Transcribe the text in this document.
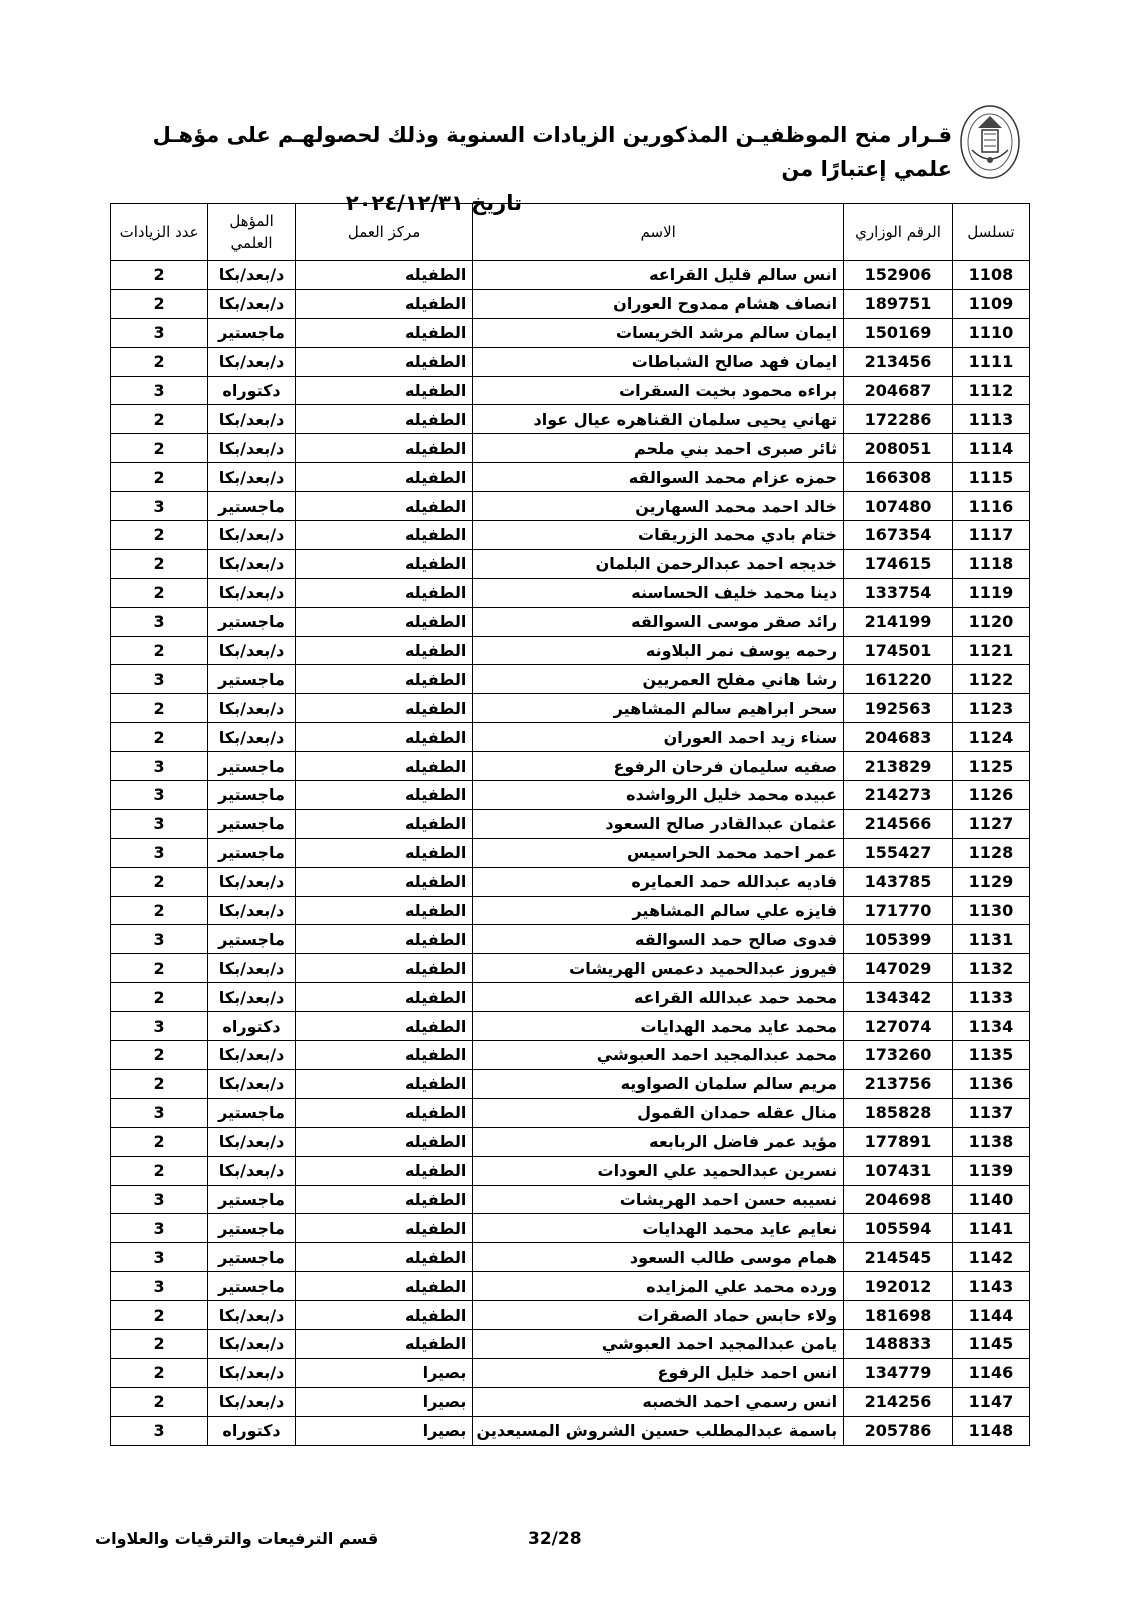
قـرار منح الموظفيـن المذكورين الزيادات السنوية وذلك لحصولهـم على مؤهـل علمي إعتبارًا من
تاريخ ٢٠٢٤/١٢/٣١
تسلسل	الرقم الوزاري	الاسم	مركز العمل	المؤهل العلمي	عدد الزيادات
1108	152906	انس سالم قليل القراعه	الطفيله	د/بعد/بكا	2
1109	189751	انصاف هشام ممدوح العوران	الطفيله	د/بعد/بكا	2
1110	150169	ايمان سالم مرشد الخريسات	الطفيله	ماجستير	3
1111	213456	ايمان فهد صالح الشباطات	الطفيله	د/بعد/بكا	2
1112	204687	براءه محمود بخيت السقرات	الطفيله	دكتوراه	3
1113	172286	تهاني يحيى سلمان القناهره عيال عواد	الطفيله	د/بعد/بكا	2
1114	208051	ثائر صبرى احمد بني ملحم	الطفيله	د/بعد/بكا	2
1115	166308	حمزه عزام محمد السوالقه	الطفيله	د/بعد/بكا	2
1116	107480	خالد احمد محمد السهارين	الطفيله	ماجستير	3
1117	167354	ختام بادي محمد الزريقات	الطفيله	د/بعد/بكا	2
1118	174615	خديجه احمد عبدالرحمن البلمان	الطفيله	د/بعد/بكا	2
1119	133754	دينا محمد خليف الحساسنه	الطفيله	د/بعد/بكا	2
1120	214199	رائد صقر موسى السوالقه	الطفيله	ماجستير	3
1121	174501	رحمه يوسف نمر البلاونه	الطفيله	د/بعد/بكا	2
1122	161220	رشا هاني مفلح العمريين	الطفيله	ماجستير	3
1123	192563	سحر ابراهيم سالم المشاهير	الطفيله	د/بعد/بكا	2
1124	204683	سناء زيد احمد العوران	الطفيله	د/بعد/بكا	2
1125	213829	صفيه سليمان فرحان الرفوع	الطفيله	ماجستير	3
1126	214273	عبيده محمد خليل الرواشده	الطفيله	ماجستير	3
1127	214566	عثمان عبدالقادر صالح السعود	الطفيله	ماجستير	3
1128	155427	عمر احمد محمد الحراسيس	الطفيله	ماجستير	3
1129	143785	فاديه عبدالله حمد العمايره	الطفيله	د/بعد/بكا	2
1130	171770	فايزه علي سالم المشاهير	الطفيله	د/بعد/بكا	2
1131	105399	فدوى صالح حمد السوالقه	الطفيله	ماجستير	3
1132	147029	فيروز عبدالحميد دعمس الهريشات	الطفيله	د/بعد/بكا	2
1133	134342	محمد حمد عبدالله القراعه	الطفيله	د/بعد/بكا	2
1134	127074	محمد عايد محمد الهدايات	الطفيله	دكتوراه	3
1135	173260	محمد عبدالمجيد احمد العبوشي	الطفيله	د/بعد/بكا	2
1136	213756	مريم سالم سلمان الصواويه	الطفيله	د/بعد/بكا	2
1137	185828	منال عقله حمدان القمول	الطفيله	ماجستير	3
1138	177891	مؤيد عمر فاضل الربابعه	الطفيله	د/بعد/بكا	2
1139	107431	نسرين عبدالحميد علي العودات	الطفيله	د/بعد/بكا	2
1140	204698	نسيبه حسن احمد الهريشات	الطفيله	ماجستير	3
1141	105594	نعايم عايد محمد الهدايات	الطفيله	ماجستير	3
1142	214545	همام موسى طالب السعود	الطفيله	ماجستير	3
1143	192012	ورده محمد علي المزايده	الطفيله	ماجستير	3
1144	181698	ولاء حابس حماد الصقرات	الطفيله	د/بعد/بكا	2
1145	148833	يامن عبدالمجيد احمد العبوشي	الطفيله	د/بعد/بكا	2
1146	134779	انس احمد خليل الرفوع	بصيرا	د/بعد/بكا	2
1147	214256	انس رسمي احمد الخصبه	بصيرا	د/بعد/بكا	2
1148	205786	باسمة عبدالمطلب حسين الشروش المسيعدين	بصيرا	دكتوراه	3
قسم الترفيعات والترقيات والعلاوات	32/28
